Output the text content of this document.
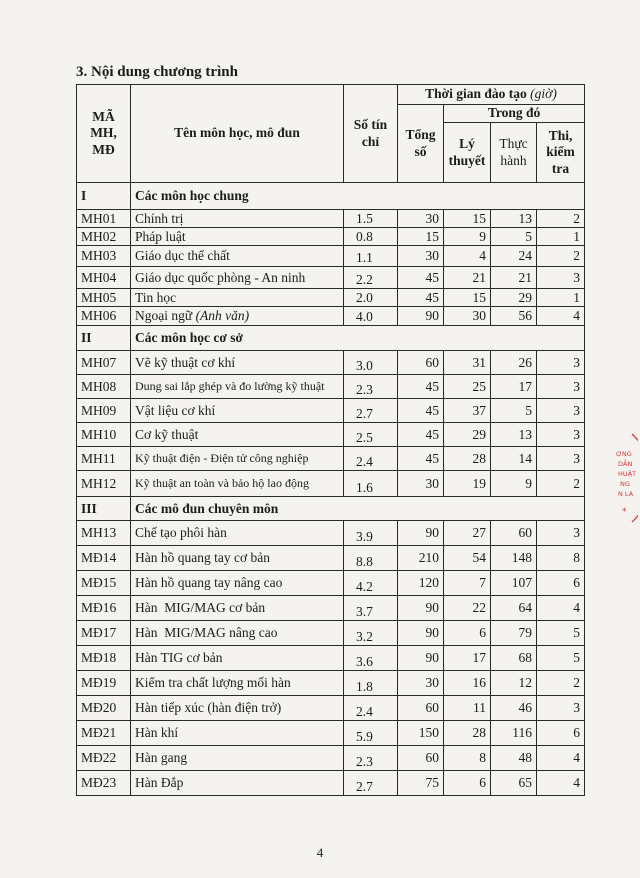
3. Nội dung chương trình
MÃ MH, MĐ	Tên môn học, mô đun	Số tín chỉ	Thời gian đào tạo (giờ)			
			Tổng số	Trong đó		
				Lý thuyết	Thực hành	Thi, kiểm tra
I	Các môn học chung					
MH01	Chính trị	1.5	30	15	13	2
MH02	Pháp luật	0.8	15	9	5	1
MH03	Giáo dục thể chất	1.1	30	4	24	2
MH04	Giáo dục quốc phòng - An ninh	2.2	45	21	21	3
MH05	Tin học	2.0	45	15	29	1
MH06	Ngoại ngữ (Anh văn)	4.0	90	30	56	4
II	Các môn học cơ sở					
MH07	Vẽ kỹ thuật cơ khí	3.0	60	31	26	3
MH08	Dung sai lắp ghép và đo lường kỹ thuật	2.3	45	25	17	3
MH09	Vật liệu cơ khí	2.7	45	37	5	3
MH10	Cơ kỹ thuật	2.5	45	29	13	3
MH11	Kỹ thuật điện - Điện tử công nghiệp	2.4	45	28	14	3
MH12	Kỹ thuật an toàn và bảo hộ lao động	1.6	30	19	9	2
III	Các mô đun chuyên môn					
MH13	Chế tạo phôi hàn	3.9	90	27	60	3
MĐ14	Hàn hồ quang tay cơ bản	8.8	210	54	148	8
MĐ15	Hàn hồ quang tay nâng cao	4.2	120	7	107	6
MĐ16	Hàn  MIG/MAG cơ bản	3.7	90	22	64	4
MĐ17	Hàn  MIG/MAG nâng cao	3.2	90	6	79	5
MĐ18	Hàn TIG cơ bản	3.6	90	17	68	5
MĐ19	Kiểm tra chất lượng mối hàn	1.8	30	16	12	2
MĐ20	Hàn tiếp xúc (hàn điện trở)	2.4	60	11	46	3
MĐ21	Hàn khí	5.9	150	28	116	6
MĐ22	Hàn gang	2.3	60	8	48	4
MĐ23	Hàn Đắp	2.7	75	6	65	4
ỢNG
DẪN
HUẬT
NG
N LA
*
4
